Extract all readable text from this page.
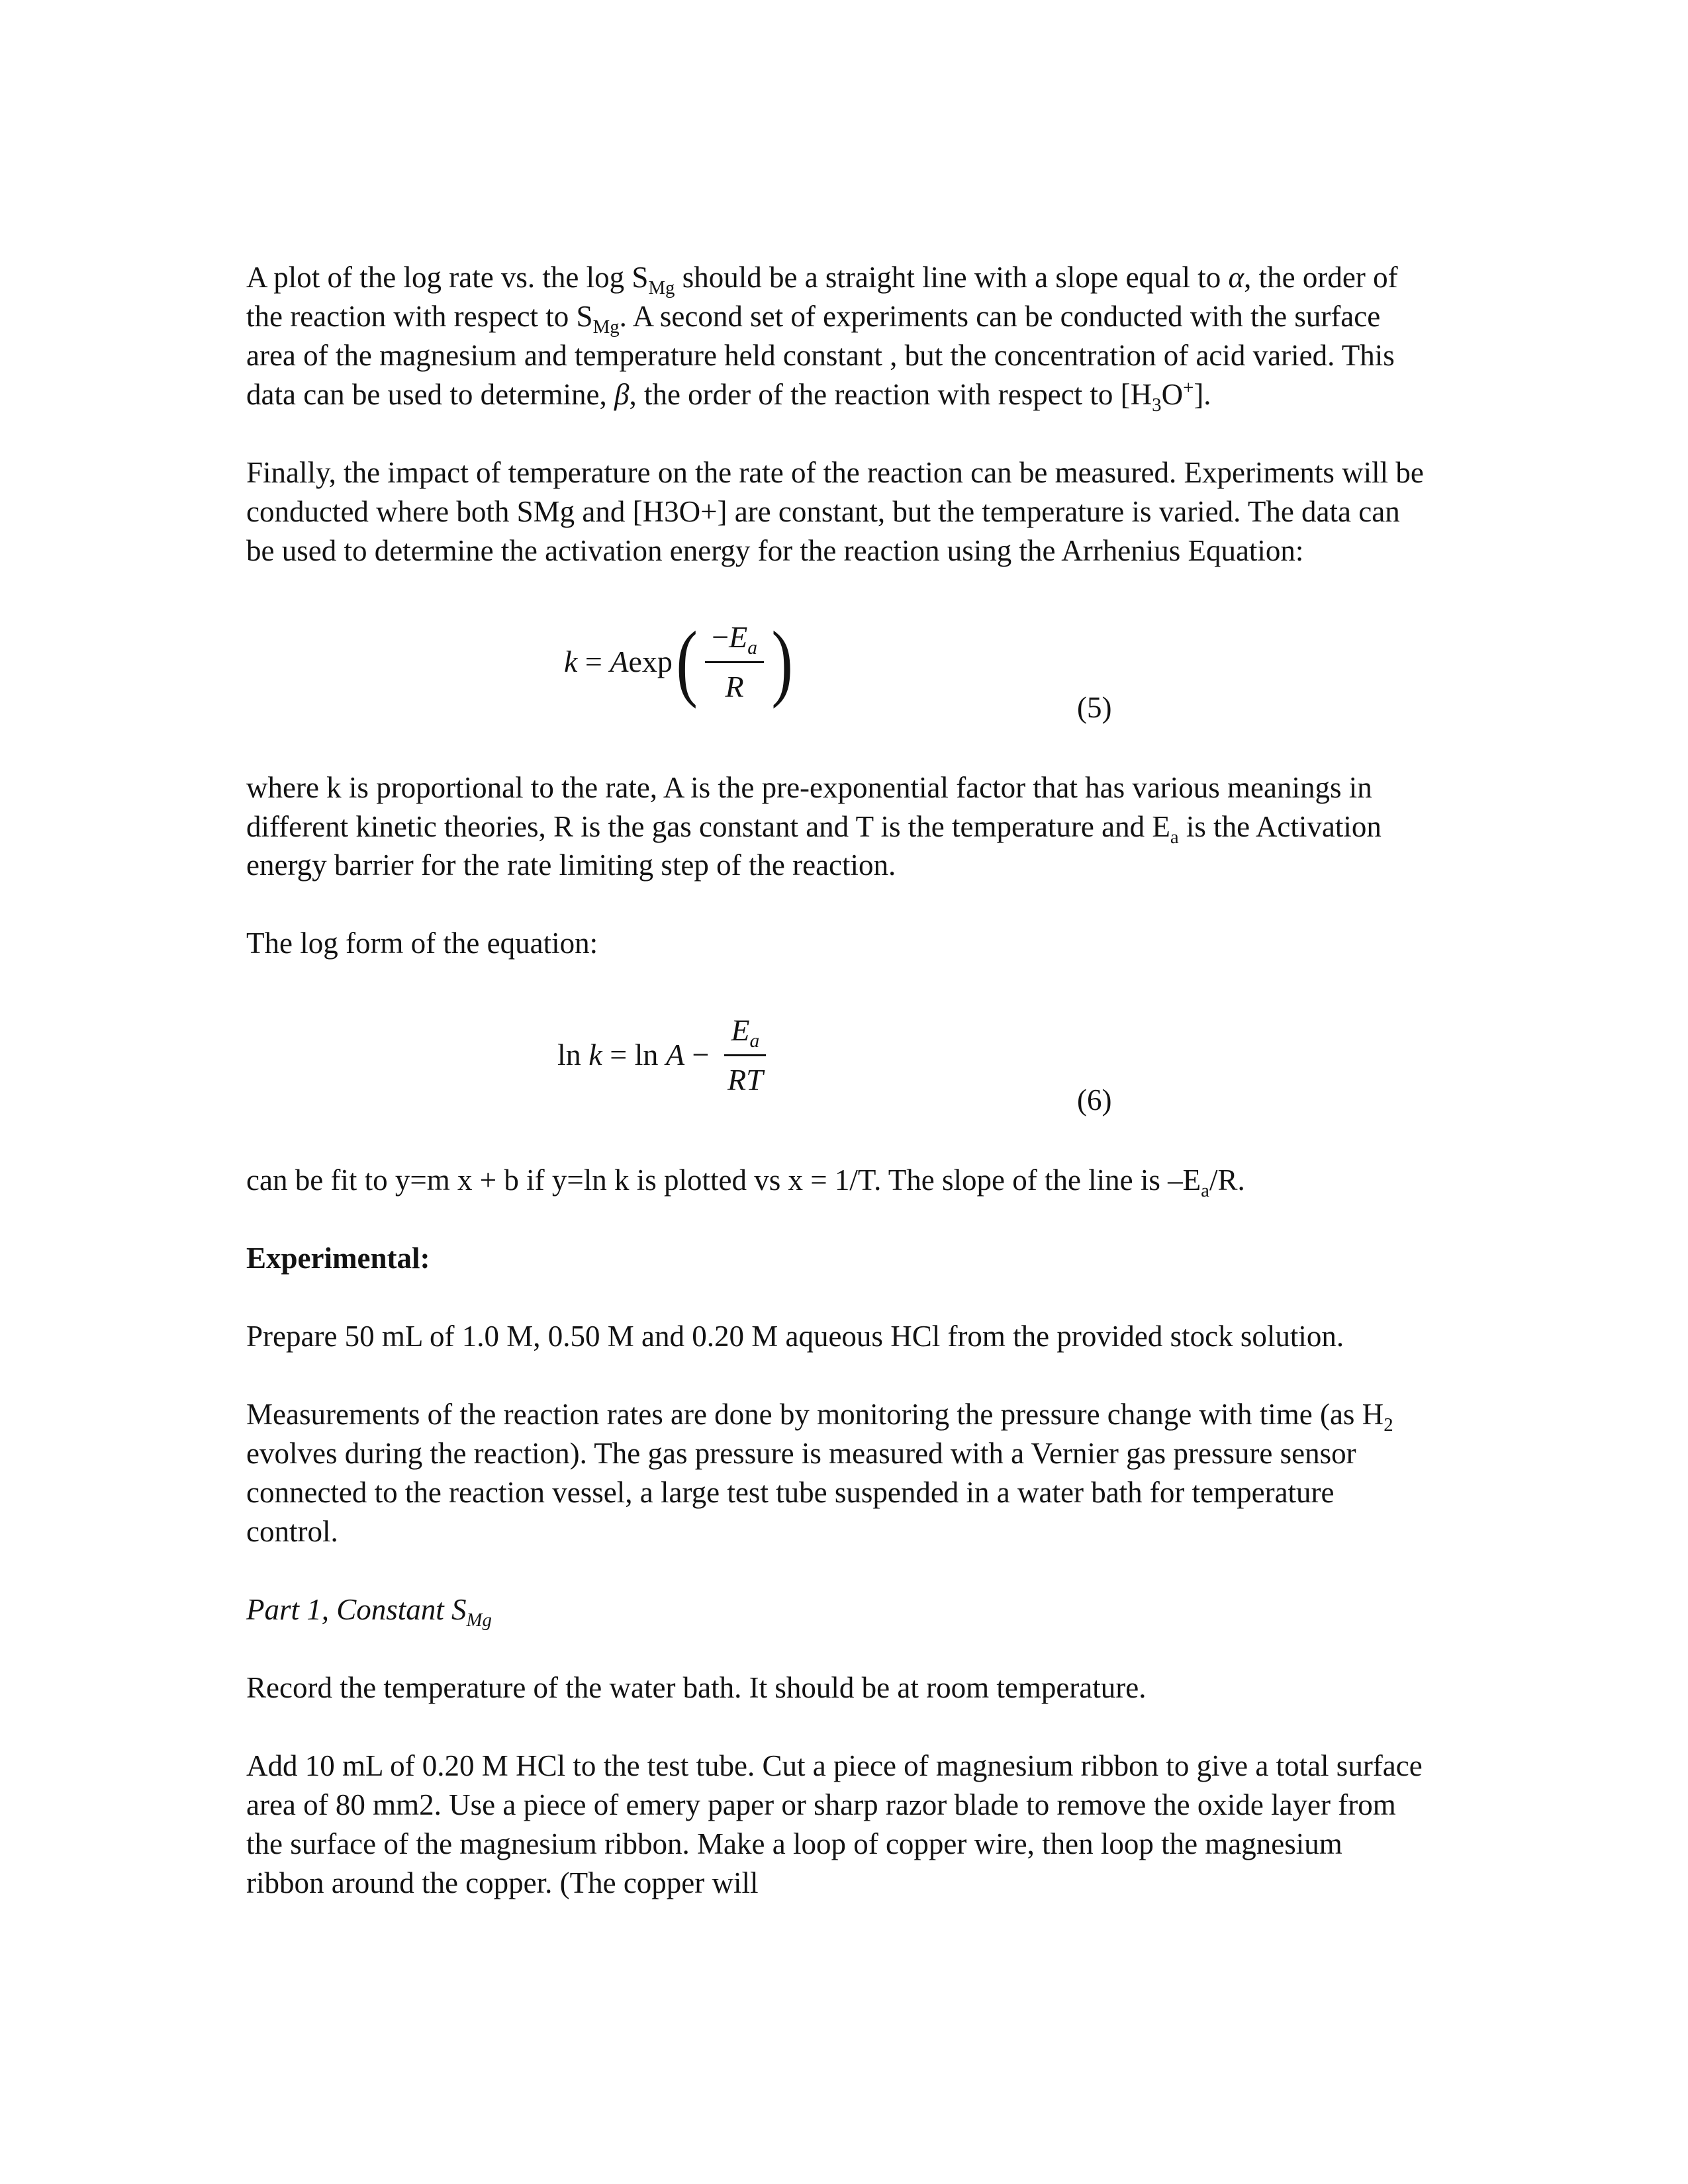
A plot of the log rate vs. the $\log S_{Mg}$ should be a straight line with a slope equal to α, the order of the reaction with respect to $S_{Mg}$. A second set of experiments can be conducted with the surface area of the magnesium and temperature held constant , but the concentration of acid varied. This data can be used to determine, β, the order of the reaction with respect to $[H_3O^+]$.

Finally, the impact of temperature on the rate of the reaction can be measured. Experiments will be conducted where both SMg and [H3O+] are constant, but the temperature is varied. The data can be used to determine the activation energy for the reaction using the Arrhenius Equation:

k = Aexp ( $\frac{-E_a}{R}$ )	(5)

where k is proportional to the rate, A is the pre-exponential factor that has various meanings in different kinetic theories, R is the gas constant and T is the temperature and $E_a$ is the Activation energy barrier for the rate limiting step of the reaction.

The log form of the equation:

$\ln k = \ln A - \frac{E_a}{RT}$
(6)

can be fit to y=m x + b if y=ln k is plotted vs x = 1/T. The slope of the line is $-E_a/R$.

Experimental:

Prepare 50 mL of 1.0 M, 0.50 M and 0.20 M aqueous HCl from the provided stock solution.

Measurements of the reaction rates are done by monitoring the pressure change with time (as $H_2$ evolves during the reaction). The gas pressure is measured with a Vernier gas pressure sensor connected to the reaction vessel, a large test tube suspended in a water bath for temperature control.

Part 1, Constant $S_{Mg}$

Record the temperature of the water bath. It should be at room temperature.

Add 10 mL of 0.20 M HCl to the test tube. Cut a piece of magnesium ribbon to give a total surface area of 80 mm2. Use a piece of emery paper or sharp razor blade to remove the oxide layer from the surface of the magnesium ribbon. Make a loop of copper wire, then loop the magnesium ribbon around the copper. (The copper will
